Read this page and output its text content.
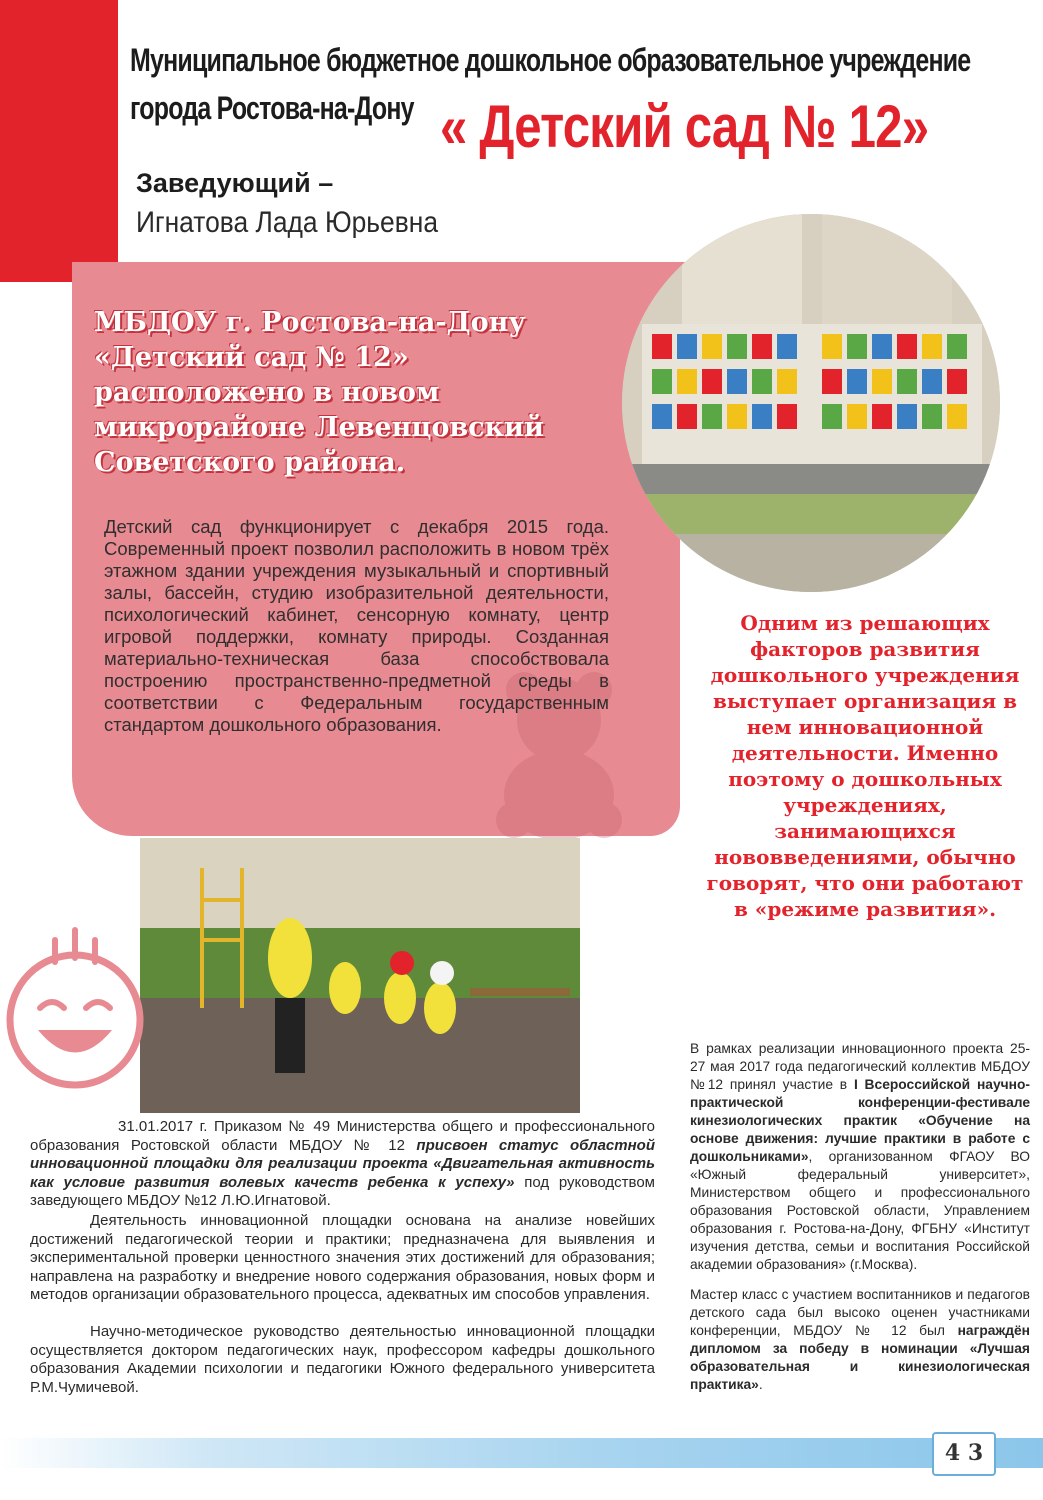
Муниципальное бюджетное дошкольное образовательное учреждение
города Ростова-на-Дону « Детский сад № 12»
Заведующий –
Игнатова Лада Юрьевна

МБДОУ г. Ростова-на-Дону «Детский сад № 12» расположено в новом микрорайоне Левенцовский Советского района.

Детский сад функционирует с декабря 2015 года. Современный проект позволил расположить в новом трёх этажном здании учреждения музыкальный и спортивный залы, бассейн, студию изобразительной деятельности, психологический кабинет, сенсорную комнату, центр игровой поддержки, комнату природы. Созданная материально-техническая база способствовала построению пространственно-предметной среды в соответствии с Федеральным государственным стандартом дошкольного образования.

Одним из решающих факторов развития дошкольного учреждения выступает организация в нем инновационной деятельности. Именно поэтому о дошкольных учреждениях, занимающихся нововведениями, обычно говорят, что они работают в «режиме развития».

31.01.2017 г. Приказом № 49 Министерства общего и профессионального образования Ростовской области МБДОУ № 12 присвоен статус областной инновационной площадки для реализации проекта «Двигательная активность как условие развития волевых качеств ребенка к успеху» под руководством заведующего МБДОУ №12 Л.Ю.Игнатовой.

Деятельность инновационной площадки основана на анализе новейших достижений педагогической теории и практики; предназначена для выявления и экспериментальной проверки ценностного значения этих достижений для образования; направлена на разработку и внедрение нового содержания образования, новых форм и методов организации образовательного процесса, адекватных им способов управления.

Научно-методическое руководство деятельностью инновационной площадки осуществляется доктором педагогических наук, профессором кафедры дошкольного образования Академии психологии и педагогики Южного федерального университета Р.М.Чумичевой.

В рамках реализации инновационного проекта 25-27 мая 2017 года педагогический коллектив МБДОУ №12 принял участие в I Всероссийской научно-практической конференции-фестивале кинезиологических практик «Обучение на основе движения: лучшие практики в работе с дошкольниками», организованном ФГАОУ ВО «Южный федеральный университет», Министерством общего и профессионального образования Ростовской области, Управлением образования г. Ростова-на-Дону, ФГБНУ «Институт изучения детства, семьи и воспитания Российской академии образования» (г.Москва).

Мастер класс с участием воспитанников и педагогов детского сада был высоко оценен участниками конференции, МБДОУ № 12 был награждён дипломом за победу в номинации «Лучшая образовательная и кинезиологическая практика».

4 3
